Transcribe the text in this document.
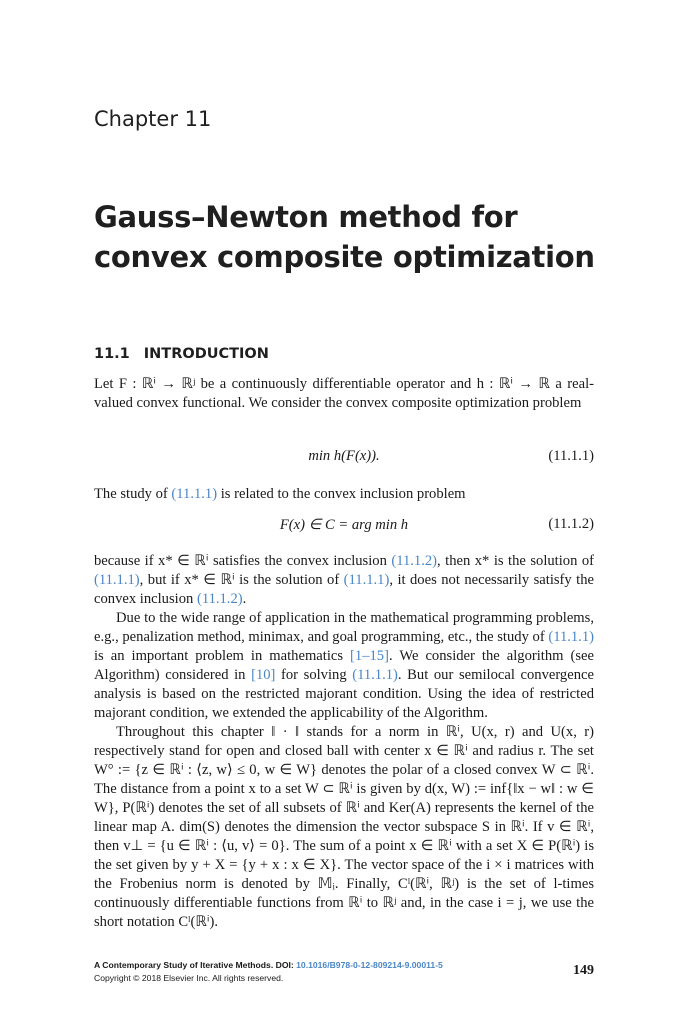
Chapter 11
Gauss–Newton method for convex composite optimization
11.1 INTRODUCTION
Let F : ℝⁱ → ℝʲ be a continuously differentiable operator and h : ℝⁱ → ℝ a real-valued convex functional. We consider the convex composite optimization problem
min h(F(x)).	(11.1.1)
The study of (11.1.1) is related to the convex inclusion problem
F(x) ∈ C = arg min h	(11.1.2)

because if x* ∈ ℝⁱ satisfies the convex inclusion (11.1.2), then x* is the solution of (11.1.1), but if x* ∈ ℝⁱ is the solution of (11.1.1), it does not necessarily satisfy the convex inclusion (11.1.2).

Due to the wide range of application in the mathematical programming problems, e.g., penalization method, minimax, and goal programming, etc., the study of (11.1.1) is an important problem in mathematics [1–15]. We consider the algorithm (see Algorithm) considered in [10] for solving (11.1.1). But our semilocal convergence analysis is based on the restricted majorant condition. Using the idea of restricted majorant condition, we extended the applicability of the Algorithm.

Throughout this chapter ‖ · ‖ stands for a norm in ℝⁱ, U(x, r) and U(x, r) respectively stand for open and closed ball with center x ∈ ℝⁱ and radius r. The set W° := {z ∈ ℝⁱ : ⟨z, w⟩ ≤ 0, w ∈ W} denotes the polar of a closed convex W ⊂ ℝⁱ. The distance from a point x to a set W ⊂ ℝⁱ is given by d(x, W) := inf{‖x − w‖ : w ∈ W}, P(ℝⁱ) denotes the set of all subsets of ℝⁱ and Ker(A) represents the kernel of the linear map A. dim(S) denotes the dimension the vector subspace S in ℝⁱ. If v ∈ ℝⁱ, then v⊥ = {u ∈ ℝⁱ : ⟨u, v⟩ = 0}. The sum of a point x ∈ ℝⁱ with a set X ∈ P(ℝⁱ) is the set given by y + X = {y + x : x ∈ X}. The vector space of the i × i matrices with the Frobenius norm is denoted by 𝕄ᵢ. Finally, Cˡ(ℝⁱ, ℝʲ) is the set of l-times continuously differentiable functions from ℝⁱ to ℝʲ and, in the case i = j, we use the short notation Cˡ(ℝⁱ).

A Contemporary Study of Iterative Methods. DOI: 10.1016/B978-0-12-809214-9.00011-5
Copyright © 2018 Elsevier Inc. All rights reserved.	149
